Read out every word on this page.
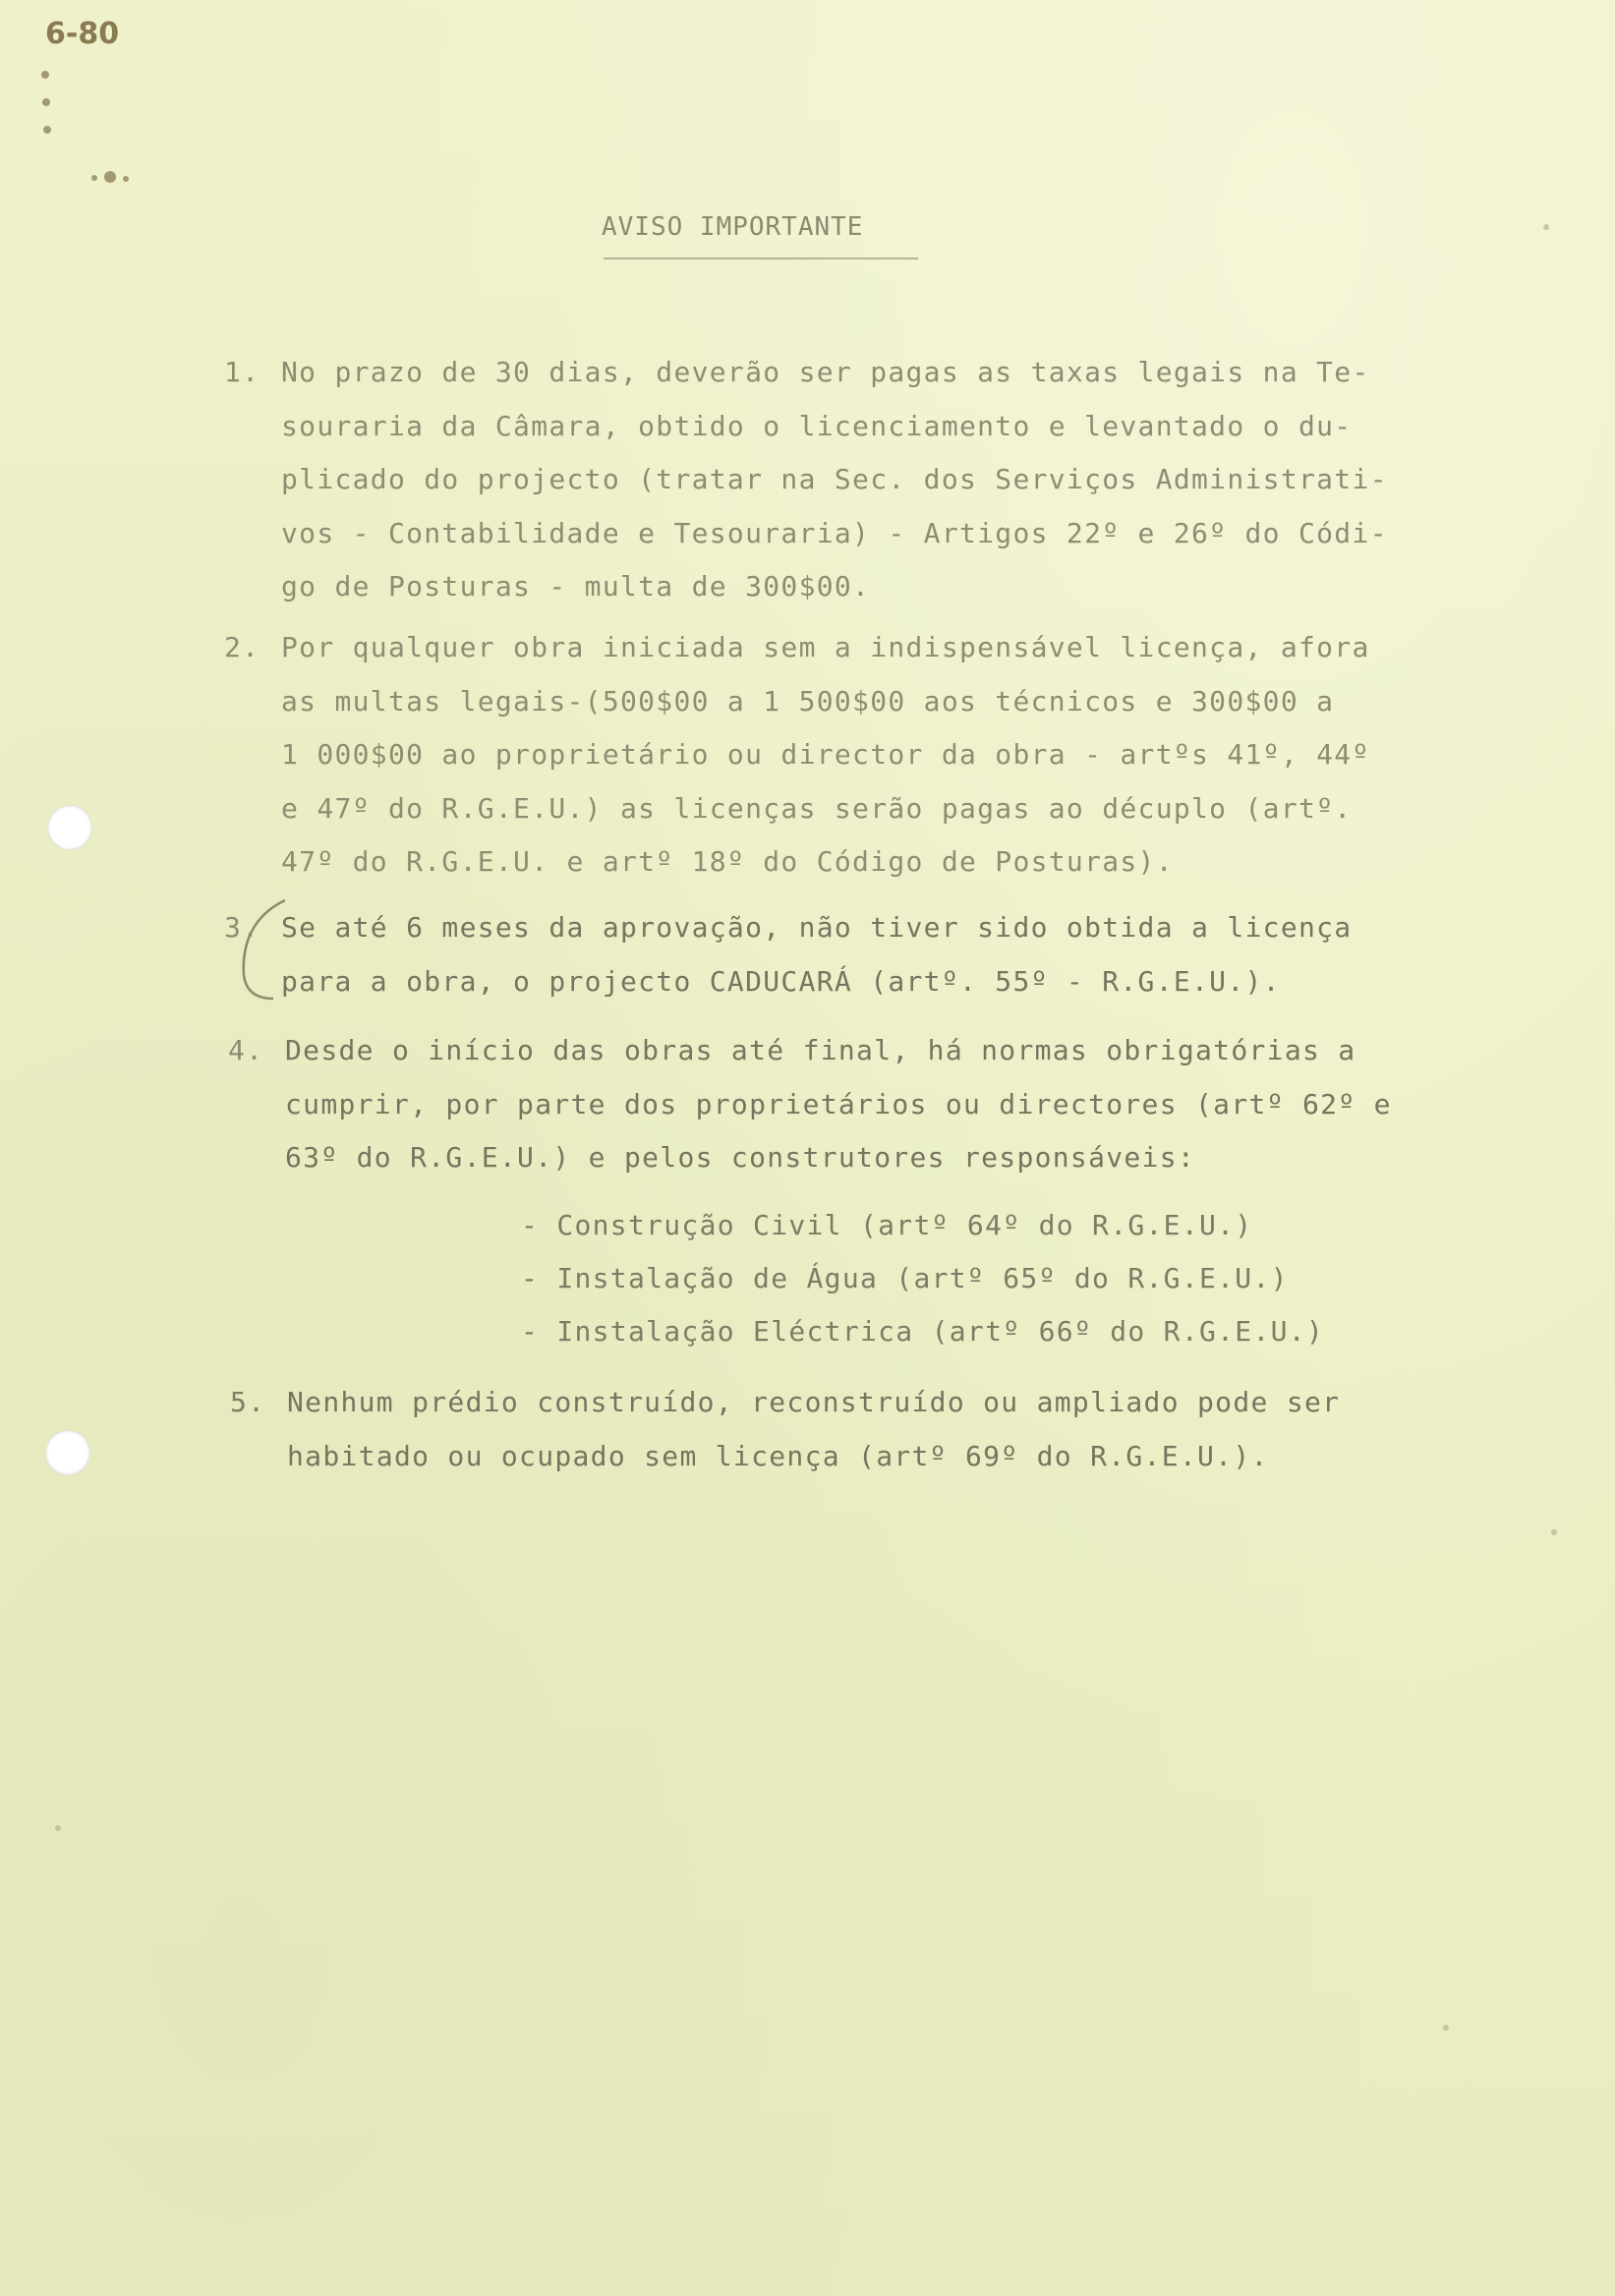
6-80
AVISO IMPORTANTE
1. No prazo de 30 dias, deverão ser pagas as taxas legais na Te-
souraria da Câmara, obtido o licenciamento e levantado o du-
plicado do projecto (tratar na Sec. dos Serviços Administrati-
vos - Contabilidade e Tesouraria) - Artigos 22º e 26º do Códi-
go de Posturas - multa de 300$00.
2. Por qualquer obra iniciada sem a indispensável licença, afora
as multas legais-(500$00 a 1 500$00 aos técnicos e 300$00 a
1 000$00 ao proprietário ou director da obra - artºs 41º, 44º
e 47º do R.G.E.U.) as licenças serão pagas ao décuplo (artº.
47º do R.G.E.U. e artº 18º do Código de Posturas).
3. Se até 6 meses da aprovação, não tiver sido obtida a licença
para a obra, o projecto CADUCARÁ (artº. 55º - R.G.E.U.).
4. Desde o início das obras até final, há normas obrigatórias a
cumprir, por parte dos proprietários ou directores (artº 62º e
63º do R.G.E.U.) e pelos construtores responsáveis:
- Construção Civil (artº 64º do R.G.E.U.)
- Instalação de Água (artº 65º do R.G.E.U.)
- Instalação Eléctrica (artº 66º do R.G.E.U.)
5. Nenhum prédio construído, reconstruído ou ampliado pode ser
habitado ou ocupado sem licença (artº 69º do R.G.E.U.).
